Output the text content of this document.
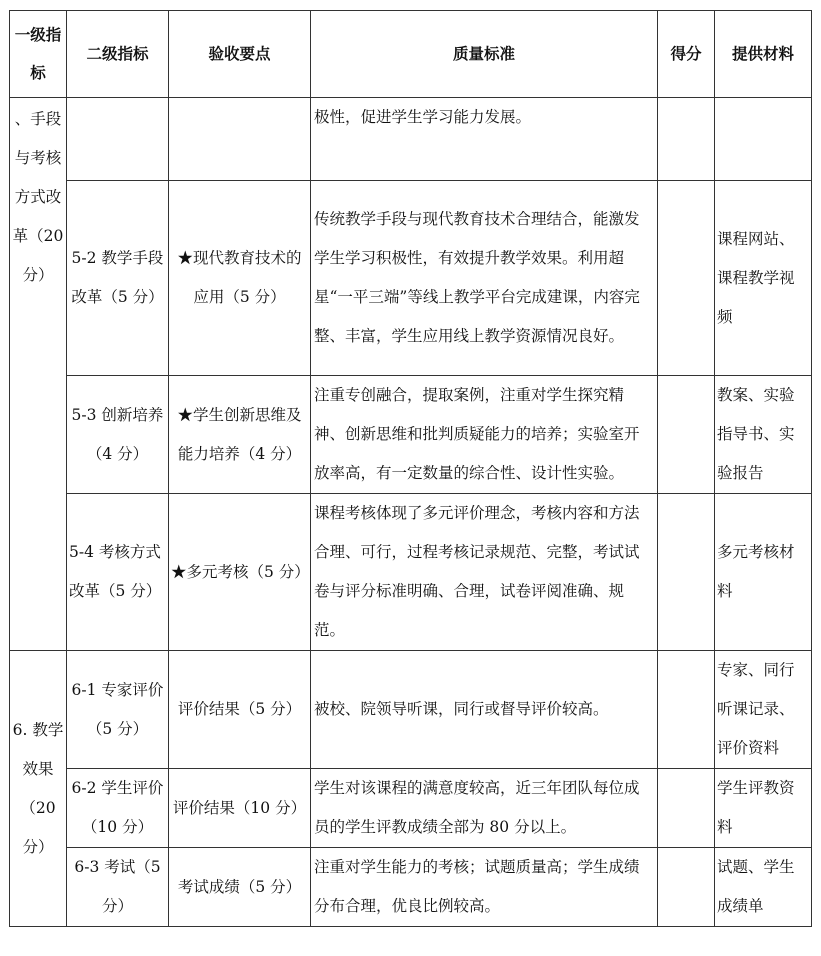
一级指标	二级指标	验收要点	质量标准	得分	提供材料
、手段与考核方式改革（20 分）			极性，促进学生学习能力发展。		
	5-2 教学手段改革（5 分）	★现代教育技术的应用（5 分）	传统教学手段与现代教育技术合理结合，能激发学生学习积极性，有效提升教学效果。利用超星“一平三端”等线上教学平台完成建课，内容完整、丰富，学生应用线上教学资源情况良好。		课程网站、课程教学视频
	5-3 创新培养（4 分）	★学生创新思维及能力培养（4 分）	注重专创融合，提取案例，注重对学生探究精神、创新思维和批判质疑能力的培养；实验室开放率高，有一定数量的综合性、设计性实验。		教案、实验指导书、实验报告
	5-4 考核方式改革（5 分）	★多元考核（5 分）	课程考核体现了多元评价理念，考核内容和方法合理、可行，过程考核记录规范、完整，考试试卷与评分标准明确、合理，试卷评阅准确、规范。		多元考核材料
6. 教学效果（20 分）	6-1 专家评价（5 分）	评价结果（5 分）	被校、院领导听课，同行或督导评价较高。		专家、同行听课记录、评价资料
	6-2 学生评价（10 分）	评价结果（10 分）	学生对该课程的满意度较高，近三年团队每位成员的学生评教成绩全部为 80 分以上。		学生评教资料
	6-3 考试（5 分）	考试成绩（5 分）	注重对学生能力的考核；试题质量高；学生成绩分布合理，优良比例较高。		试题、学生成绩单
